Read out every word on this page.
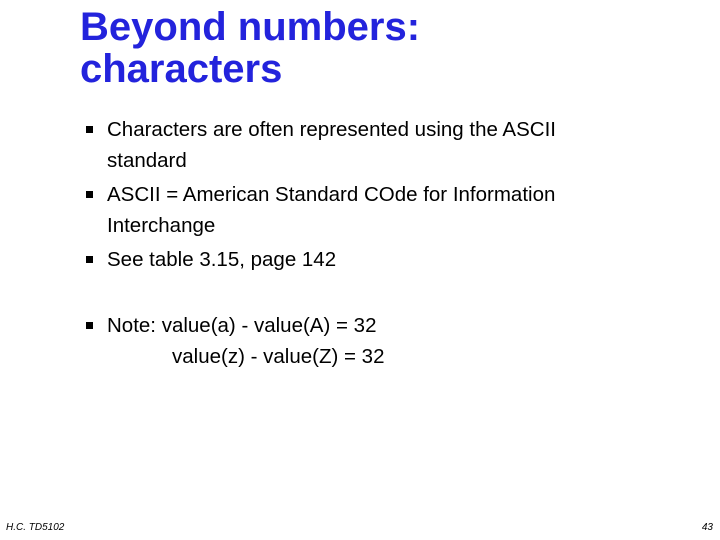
Beyond numbers:
characters
Characters are often represented using the ASCII
standard
ASCII = American Standard COde for Information
Interchange
See table 3.15, page 142
Note: value(a) - value(A) = 32
value(z) - value(Z) = 32
H.C. TD5102	43
